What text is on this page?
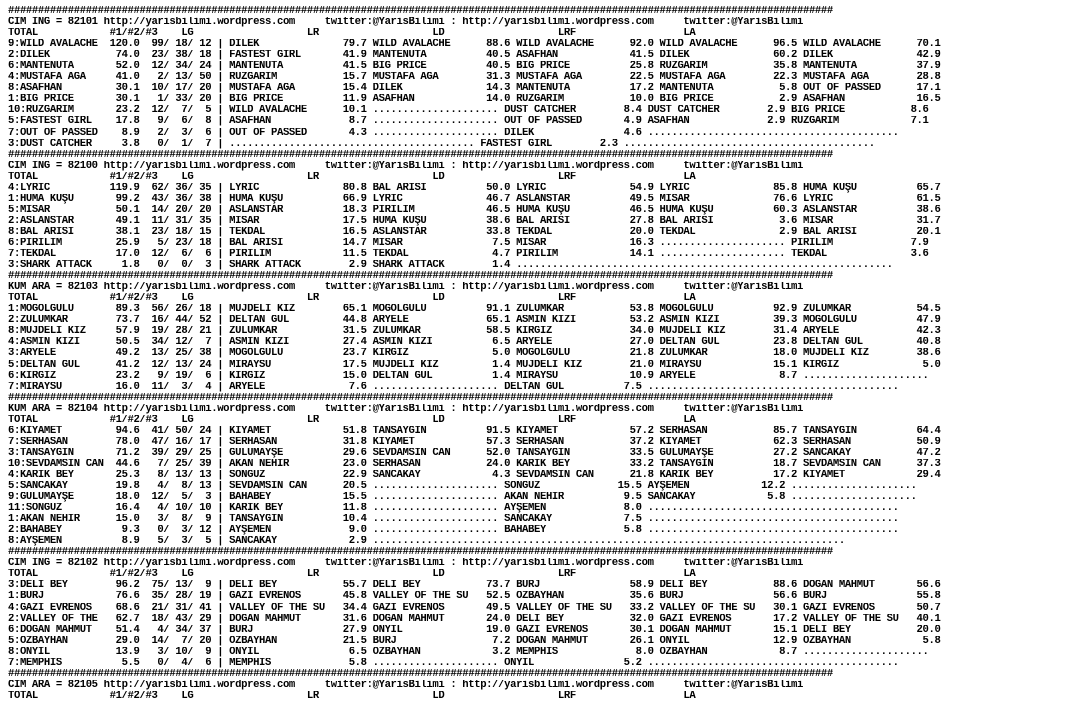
##########################################################################################################################################
CIM ING = 82101 http://yarisbilimi.wordpress.com     twitter:@YarisBilimi : http://yarisbilimi.wordpress.com     twitter:@YarisBilimi
TOTAL            #1/#2/#3    LG                   LR                   LD                   LRF                  LA
9:WILD AVALACHE  120.0  99/ 18/ 12 | DILEK              79.7 WILD AVALACHE      88.6 WILD AVALACHE      92.0 WILD AVALACHE      96.5 WILD AVALACHE      70.1
2:DILEK           74.0  23/ 38/ 18 | FASTEST GIRL       41.9 MANTENUTA          40.5 ASAFHAN            41.5 DILEK              60.2 DILEK              42.9
6:MANTENUTA       52.0  12/ 34/ 24 | MANTENUTA          41.5 BIG PRICE          40.5 BIG PRICE          25.8 RÜZGARIM           35.8 MANTENUTA          37.9
4:MUSTAFA AGA     41.0   2/ 13/ 50 | RÜZGARIM           15.7 MUSTAFA AGA        31.3 MUSTAFA AGA        22.5 MUSTAFA AGA        22.3 MUSTAFA AGA        28.8
8:ASAFHAN         30.1  10/ 17/ 20 | MUSTAFA AGA        15.4 DILEK              14.3 MANTENUTA          17.2 MANTENUTA           5.8 OUT OF PASSED      17.1
1:BIG PRICE       30.1   1/ 33/ 20 | BIG PRICE          11.9 ASAFHAN            14.0 RÜZGARIM           10.0 BIG PRICE           2.9 ASAFHAN            16.5
10:RÜZGARIM       23.2  12/  7/  5 | WILD AVALACHE      10.1 ..................... DUST CATCHER        8.4 DUST CATCHER        2.9 BIG PRICE           8.6
5:FASTEST GIRL    17.8   9/  6/  8 | ASAFHAN             8.7 ..................... OUT OF PASSED       4.9 ASAFHAN             2.9 RÜZGARIM            7.1
7:OUT OF PASSED    8.9   2/  3/  6 | OUT OF PASSED       4.3 ..................... DILEK               4.6 ..........................................
3:DUST CATCHER     3.8   0/  1/  7 | ......................................... FASTEST GIRL        2.3 ..........................................
##########################################################################################################################################
CIM ING = 82100 http://yarisbilimi.wordpress.com     twitter:@YarisBilimi : http://yarisbilimi.wordpress.com     twitter:@YarisBilimi
TOTAL            #1/#2/#3    LG                   LR                   LD                   LRF                  LA
4:LYRIC          119.9  62/ 36/ 35 | LYRIC              80.8 BAL ARISI          50.0 LYRIC              54.9 LYRIC              85.8 HUMA KUŞU          65.7
1:HUMA KUŞU       99.2  43/ 36/ 38 | HUMA KUŞU          66.9 LYRIC              46.7 ASLANSTAR          49.5 MISAR              76.6 LYRIC              61.5
5:MISAR           50.1  14/ 20/ 20 | ASLANSTAR          18.3 PIRILIM            46.5 HUMA KUŞU          46.5 HUMA KUŞU          60.3 ASLANSTAR          38.6
2:ASLANSTAR       49.1  11/ 31/ 35 | MISAR              17.5 HUMA KUŞU          38.6 BAL ARISI          27.8 BAL ARISI           3.6 MISAR              31.7
8:BAL ARISI       38.1  23/ 18/ 15 | TEKDAL             16.5 ASLANSTAR          33.8 TEKDAL             20.0 TEKDAL              2.9 BAL ARISI          20.1
6:PIRILIM         25.9   5/ 23/ 18 | BAL ARISI          14.7 MISAR               7.5 MISAR              16.3 ..................... PIRILIM             7.9
7:TEKDAL          17.0  12/  6/  6 | PIRILIM            11.5 TEKDAL              4.7 PIRILIM            14.1 ..................... TEKDAL              3.6
3:SHARK ATTACK     1.8   0/  0/  3 | SHARK ATTACK        2.9 SHARK ATTACK        1.4 ...............................................................
##########################################################################################################################################
KUM ARA = 82103 http://yarisbilimi.wordpress.com     twitter:@YarisBilimi : http://yarisbilimi.wordpress.com     twitter:@YarisBilimi
TOTAL            #1/#2/#3    LG                   LR                   LD                   LRF                  LA
1:MOĞOLGÜLÜ       89.3  56/ 26/ 18 | MÜJDELİ KIZ        65.1 MOĞOLGÜLÜ          91.1 ZÜLUMKAR           53.8 MOĞOLGÜLÜ          92.9 ZÜLUMKAR           54.5
2:ZÜLUMKAR        73.7  16/ 44/ 52 | DELTAN GÜL         44.8 ARYELE             65.1 ASMIN KIZI         53.2 ASMIN KIZI         39.3 MOĞOLGÜLÜ          47.9
8:MÜJDELİ KIZ     57.9  19/ 28/ 21 | ZÜLUMKAR           31.5 ZÜLUMKAR           58.5 KIRGIZ             34.0 MÜJDELİ KIZ        31.4 ARYELE             42.3
4:ASMIN KIZI      50.5  34/ 12/  7 | ASMIN KIZI         27.4 ASMIN KIZI          6.5 ARYELE             27.0 DELTAN GÜL         23.8 DELTAN GÜL         40.8
3:ARYELE          49.2  13/ 25/ 38 | MOĞOLGÜLÜ          23.7 KIRGIZ              5.0 MOĞOLGÜLÜ          21.8 ZÜLUMKAR           18.0 MÜJDELİ KIZ        38.6
5:DELTAN GÜL      41.2  12/ 13/ 24 | MIRAYSU            17.5 MÜJDELİ KIZ         1.4 MÜJDELİ KIZ        21.0 MIRAYSU            15.1 KIRGIZ              5.0
6:KIRGIZ          23.2   9/ 19/  6 | KIRGIZ             15.0 DELTAN GÜL          1.4 MIRAYSU            10.9 ARYELE              8.7 .....................
7:MIRAYSU         16.0  11/  3/  4 | ARYELE              7.6 ..................... DELTAN GÜL          7.5 ..........................................
##########################################################################################################################################
KUM ARA = 82104 http://yarisbilimi.wordpress.com     twitter:@YarisBilimi : http://yarisbilimi.wordpress.com     twitter:@YarisBilimi
TOTAL            #1/#2/#3    LG                   LR                   LD                   LRF                  LA
6:KIYAMET         94.6  41/ 50/ 24 | KIYAMET            51.8 TANSAYGIN          91.5 KIYAMET            57.2 SERHASAN           85.7 TANSAYGIN          64.4
7:SERHASAN        78.0  47/ 16/ 17 | SERHASAN           31.8 KIYAMET            57.3 SERHASAN           37.2 KIYAMET            62.3 SERHASAN           50.9
3:TANSAYGIN       71.2  39/ 29/ 25 | GÜLÜMAYŞE          29.6 SEVDAMSIN CAN      52.0 TANSAYGIN          33.5 GÜLÜMAYŞE          27.2 SANCAKAY           47.2
10:SEVDAMSIN CAN  44.6   7/ 25/ 39 | AKAN NEHİR         23.0 SERHASAN           24.0 KARIK BEY          33.2 TANSAYGIN          18.7 SEVDAMSIN CAN      37.3
4:KARIK BEY       25.3   8/ 13/ 13 | SONGÜZ             22.9 SANCAKAY            4.3 SEVDAMSIN CAN      21.8 KARIK BEY          17.2 KIYAMET            29.4
5:SANCAKAY        19.8   4/  8/ 13 | SEVDAMSIN CAN      20.5 ..................... SONGÜZ             15.5 AYŞEMEN            12.2 .....................
9:GÜLÜMAYŞE       18.0  12/  5/  3 | BAHABEY            15.5 ..................... AKAN NEHİR          9.5 SANCAKAY            5.8 .....................
11:SONGÜZ         16.4   4/ 10/ 10 | KARIK BEY          11.8 ..................... AYŞEMEN             8.0 ..........................................
1:AKAN NEHİR      15.0   3/  8/  9 | TANSAYGIN          10.4 ..................... SANCAKAY            7.5 ..........................................
2:BAHABEY          9.3   0/  3/ 12 | AYŞEMEN             9.0 ..................... BAHABEY             5.8 ..........................................
8:AYŞEMEN          8.9   5/  3/  5 | SANCAKAY            2.9 ...............................................................................
##########################################################################################################################################
CIM ING = 82102 http://yarisbilimi.wordpress.com     twitter:@YarisBilimi : http://yarisbilimi.wordpress.com     twitter:@YarisBilimi
TOTAL            #1/#2/#3    LG                   LR                   LD                   LRF                  LA
3:DELI BEY        96.2  75/ 13/  9 | DELI BEY           55.7 DELI BEY           73.7 BURJ               58.9 DELI BEY           88.6 DOĞAN MAHMUT       56.6
1:BURJ            76.6  35/ 28/ 19 | GAZİ EVRENOS       45.8 VALLEY OF THE SU   52.5 ÖZBAYHAN           35.6 BURJ               56.6 BURJ               55.8
4:GAZİ EVRENOS    68.6  21/ 31/ 41 | VALLEY OF THE SU   34.4 GAZİ EVRENOS       49.5 VALLEY OF THE SU   33.2 VALLEY OF THE SU   30.1 GAZİ EVRENOS       50.7
2:VALLEY OF THE   62.7  18/ 43/ 29 | DOĞAN MAHMUT       31.6 DOĞAN MAHMUT       24.0 DELI BEY           32.0 GAZİ EVRENOS       17.2 VALLEY OF THE SU   40.1
6:DOĞAN MAHMUT    51.4   4/ 34/ 37 | BURJ               27.9 ONYIL              19.0 GAZİ EVRENOS       30.1 DOĞAN MAHMUT       15.1 DELI BEY           20.0
5:ÖZBAYHAN        29.0  14/  7/ 20 | ÖZBAYHAN           21.5 BURJ                7.2 DOĞAN MAHMUT       26.1 ONYIL              12.9 ÖZBAYHAN            5.8
8:ONYIL           13.9   3/ 10/  9 | ONYIL               6.5 ÖZBAYHAN            3.2 MEMPHIS             8.0 ÖZBAYHAN            8.7 .....................
7:MEMPHIS          5.5   0/  4/  6 | MEMPHIS             5.8 ..................... ONYIL               5.2 ..........................................
##########################################################################################################################################
CIM ARA = 82105 http://yarisbilimi.wordpress.com     twitter:@YarisBilimi : http://yarisbilimi.wordpress.com     twitter:@YarisBilimi
TOTAL            #1/#2/#3    LG                   LR                   LD                   LRF                  LA
